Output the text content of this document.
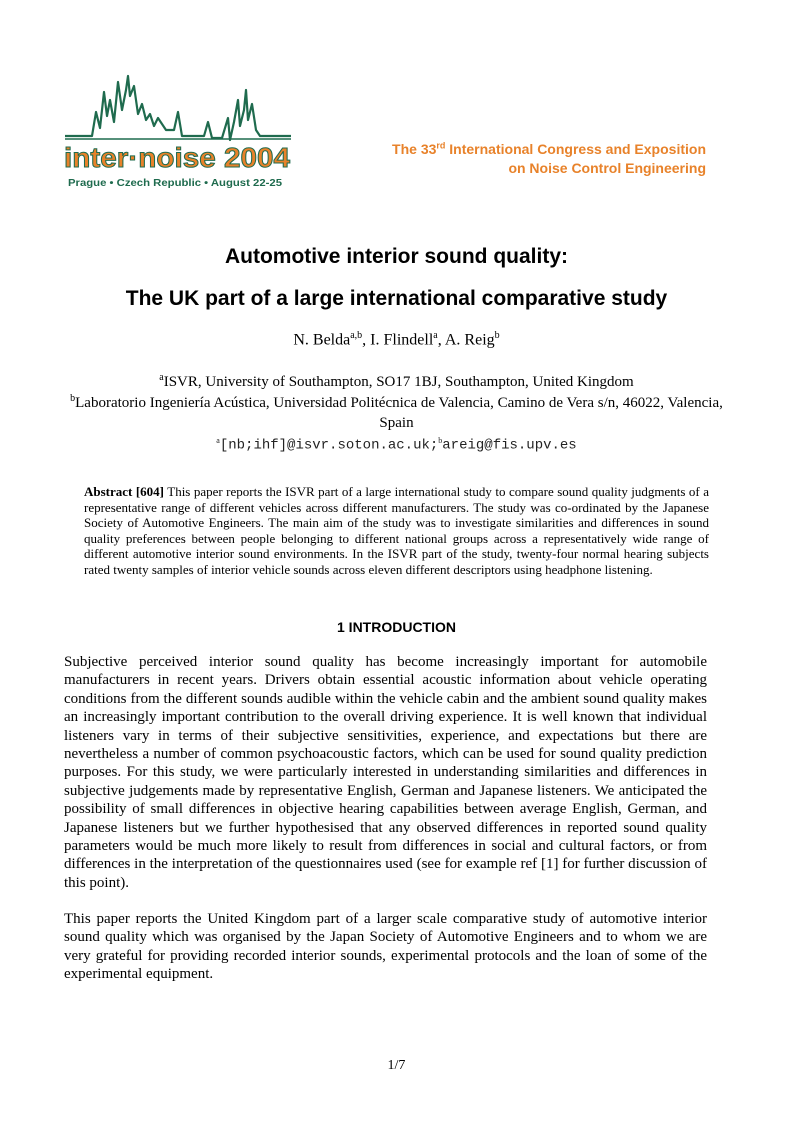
inter·noise 2004
Prague • Czech Republic • August 22-25
The 33rd International Congress and Exposition
on Noise Control Engineering
Automotive interior sound quality:
The UK part of a large international comparative study
N. Belda$^{a,b}$, I. Flindell$^a$, A. Reig$^b$
$^a$ISVR, University of Southampton, SO17 1BJ, Southampton, United Kingdom
$^b$Laboratorio Ingeniería Acústica, Universidad Politécnica de Valencia, Camino de Vera s/n, 46022, Valencia, Spain
$^a$[nb;ihf]@isvr.soton.ac.uk;$^b$areig@fis.upv.es
Abstract [604] This paper reports the ISVR part of a large international study to compare sound quality judgments of a representative range of different vehicles across different manufacturers. The study was co-ordinated by the Japanese Society of Automotive Engineers. The main aim of the study was to investigate similarities and differences in sound quality preferences between people belonging to different national groups across a representatively wide range of different automotive interior sound environments. In the ISVR part of the study, twenty-four normal hearing subjects rated twenty samples of interior vehicle sounds across eleven different descriptors using headphone listening.
1 INTRODUCTION
Subjective perceived interior sound quality has become increasingly important for automobile manufacturers in recent years. Drivers obtain essential acoustic information about vehicle operating conditions from the different sounds audible within the vehicle cabin and the ambient sound quality makes an increasingly important contribution to the overall driving experience. It is well known that individual listeners vary in terms of their subjective sensitivities, experience, and expectations but there are nevertheless a number of common psychoacoustic factors, which can be used for sound quality prediction purposes. For this study, we were particularly interested in understanding similarities and differences in subjective judgements made by representative English, German and Japanese listeners. We anticipated the possibility of small differences in objective hearing capabilities between average English, German, and Japanese listeners but we further hypothesised that any observed differences in reported sound quality parameters would be much more likely to result from differences in social and cultural factors, or from differences in the interpretation of the questionnaires used (see for example ref [1] for further discussion of this point).
This paper reports the United Kingdom part of a larger scale comparative study of automotive interior sound quality which was organised by the Japan Society of Automotive Engineers and to whom we are very grateful for providing recorded interior sounds, experimental protocols and the loan of some of the experimental equipment.
1/7
